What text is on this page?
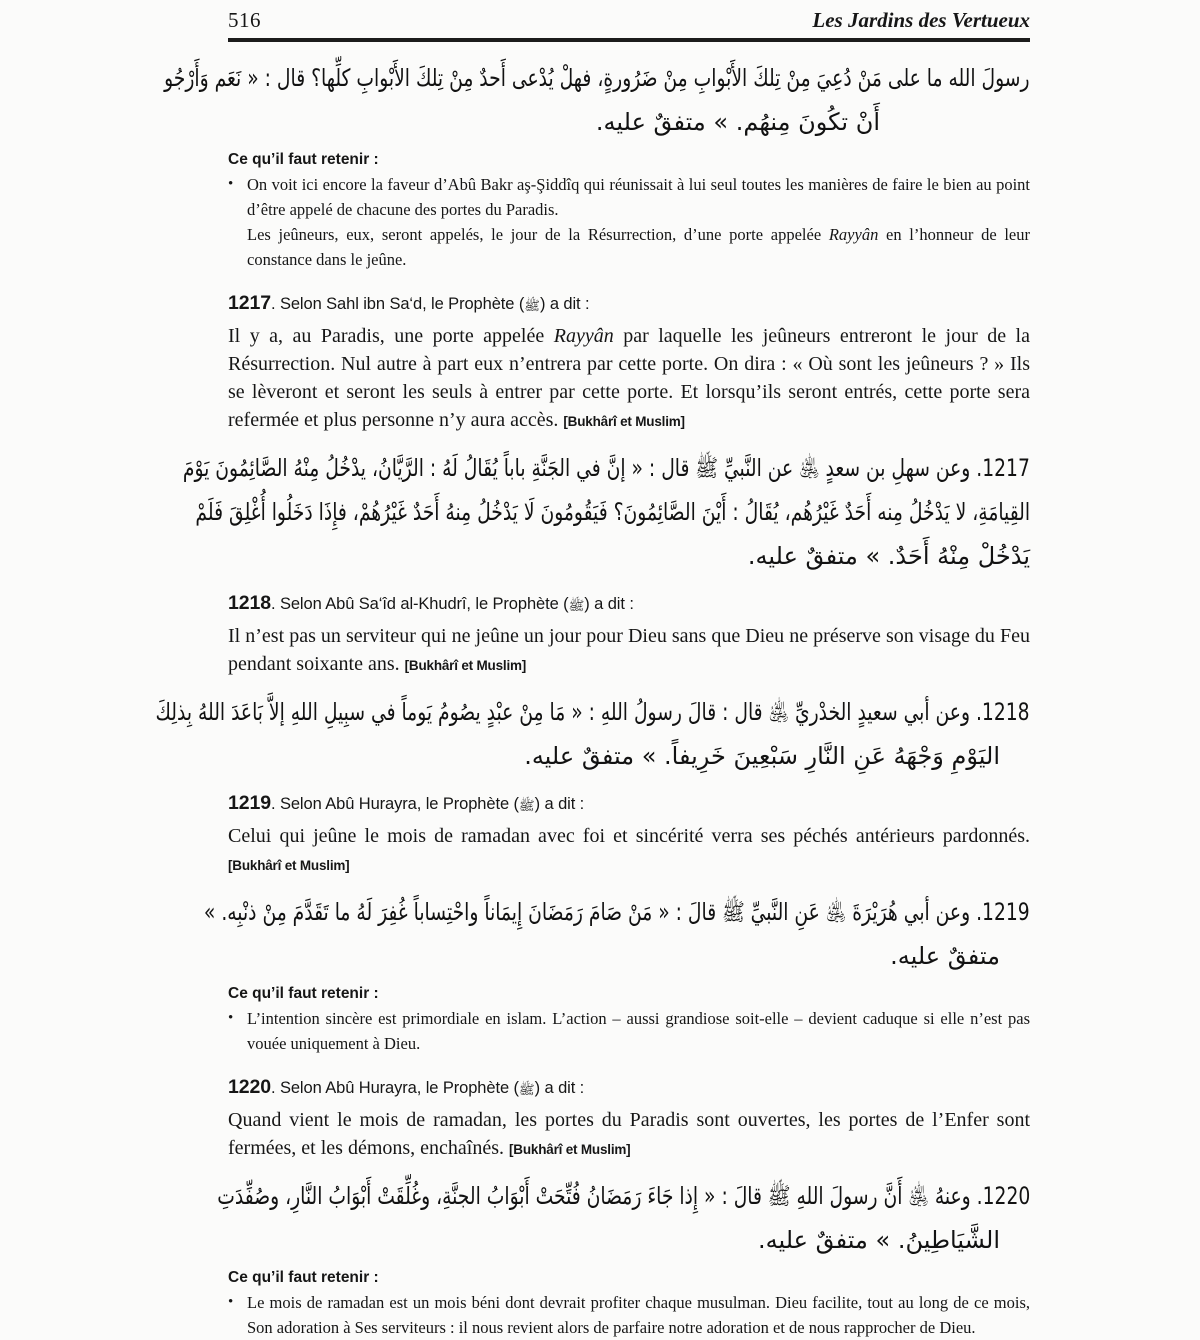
516	Les Jardins des Vertueux
رسولَ الله ما على مَنْ دُعِيَ مِنْ تِلكَ الأَبْوابِ مِنْ ضَرُورةٍ، فهلْ يُدْعى أَحدٌ مِنْ تِلكَ الأَبْوابِ كلِّها؟ قال : « نَعَم وَأَرْجُو
أَنْ تكُونَ مِنهُم. » متفقٌ عليه.
Ce qu’il faut retenir :
• On voit ici encore la faveur d’Abû Bakr aş-Şiddîq qui réunissait à lui seul toutes les manières de faire le bien au point d’être appelé de chacune des portes du Paradis.
Les jeûneurs, eux, seront appelés, le jour de la Résurrection, d’une porte appelée Rayyân en l’honneur de leur constance dans le jeûne.
1217. Selon Sahl ibn Sa‘d, le Prophète (ﷺ) a dit :
Il y a, au Paradis, une porte appelée Rayyân par laquelle les jeûneurs entreront le jour de la Résurrection. Nul autre à part eux n’entrera par cette porte. On dira : « Où sont les jeûneurs ? » Ils se lèveront et seront les seuls à entrer par cette porte. Et lorsqu’ils seront entrés, cette porte sera refermée et plus personne n’y aura accès. [Bukhârî et Muslim]
1217. وعن سهلِ بن سعدٍ ﵁ عن النَّبيِّ ﷺ قال : « إنَّ في الجَنَّةِ باباً يُقَالُ لَهُ : الرَّيَّانُ، يدْخُلُ مِنْهُ الصَّائِمُونَ يَوْمَ
القِيامَةِ، لا يَدْخُلُ مِنه أَحَدٌ غَيْرُهُم، يُقَالُ : أَيْنَ الصَّائِمُونَ؟ فَيَقُومُونَ لَا يَدْخُلُ مِنهُ أَحَدٌ غَيْرُهُمْ، فإِذَا دَخَلُوا أُغْلِقَ فَلَمْ
يَدْخُلْ مِنْهُ أَحَدٌ. » متفقٌ عليه.
1218. Selon Abû Sa‘îd al-Khudrî, le Prophète (ﷺ) a dit :
Il n’est pas un serviteur qui ne jeûne un jour pour Dieu sans que Dieu ne préserve son visage du Feu pendant soixante ans. [Bukhârî et Muslim]
1218. وعن أبي سعيدٍ الخدْريِّ ﵁ قال : قالَ رسولُ اللهِ : « مَا مِنْ عبْدٍ يصُومُ يَوماً في سبِيلِ اللهِ إلاَّ بَاعَدَ اللهُ بِذلِكَ
اليَوْمِ وَجْهَهُ عَنِ النَّارِ سَبْعِينَ خَرِيفاً. » متفقٌ عليه.
1219. Selon Abû Hurayra, le Prophète (ﷺ) a dit :
Celui qui jeûne le mois de ramadan avec foi et sincérité verra ses péchés antérieurs pardonnés. [Bukhârî et Muslim]
1219. وعن أبي هُرَيْرَةَ ﵁ عَنِ النَّبيِّ ﷺ قالَ : « مَنْ صَامَ رَمَضَانَ إِيمَاناً واحْتِساباً غُفِرَ لَهُ ما تَقَدَّمَ مِنْ ذنْبِه. »
متفقٌ عليه.
Ce qu’il faut retenir :
• L’intention sincère est primordiale en islam. L’action – aussi grandiose soit-elle – devient caduque si elle n’est pas vouée uniquement à Dieu.
1220. Selon Abû Hurayra, le Prophète (ﷺ) a dit :
Quand vient le mois de ramadan, les portes du Paradis sont ouvertes, les portes de l’Enfer sont fermées, et les démons, enchaînés. [Bukhârî et Muslim]
1220. وعنهُ ﵁ أَنَّ رسولَ اللهِ ﷺ قالَ : « إِذا جَاءَ رَمَضَانُ فُتِّحَتْ أَبْوَابُ الجنَّةِ، وغُلِّقَتْ أَبْوَابُ النَّارِ، وصُفِّدَتِ
الشَّيَاطِينُ. » متفقٌ عليه.
Ce qu’il faut retenir :
• Le mois de ramadan est un mois béni dont devrait profiter chaque musulman. Dieu facilite, tout au long de ce mois, Son adoration à Ses serviteurs : il nous revient alors de parfaire notre adoration et de nous rapprocher de Dieu.
